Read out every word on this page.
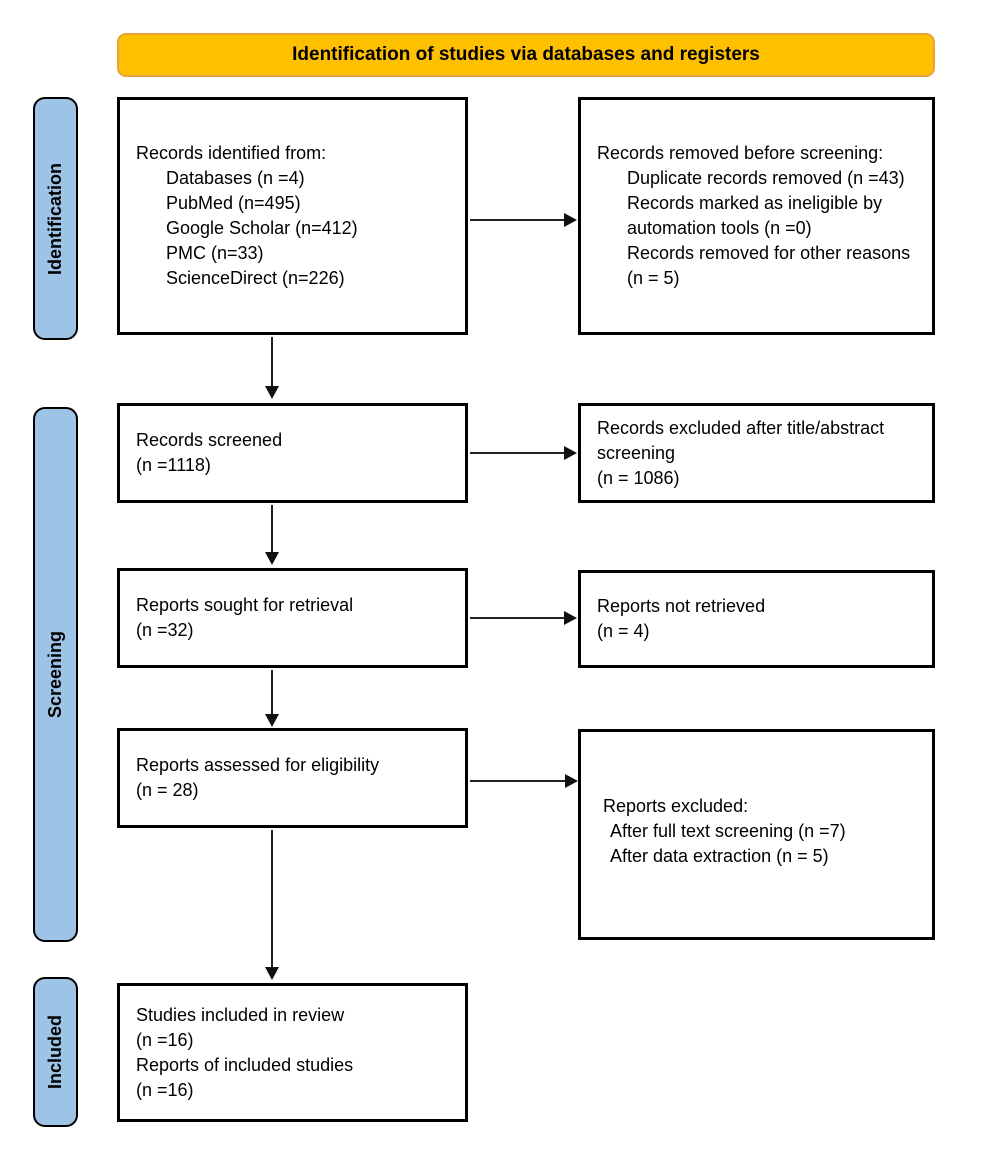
Identification of studies via databases and registers
Identification
Screening
Included
Records identified from:
Databases (n =4)
PubMed (n=495)
Google Scholar (n=412)
PMC (n=33)
ScienceDirect (n=226)
Records screened
(n =1118)
Reports sought for retrieval
(n =32)
Reports assessed for eligibility
(n = 28)
Studies included in review
(n =16)
Reports of included studies
(n =16)
Records removed before screening:
Duplicate records removed (n =43)
Records marked as ineligible by automation tools (n =0)
Records removed for other reasons (n = 5)
Records excluded after title/abstract screening
(n = 1086)
Reports not retrieved
(n = 4)
Reports excluded:
After full text screening (n =7)
After data extraction (n = 5)
